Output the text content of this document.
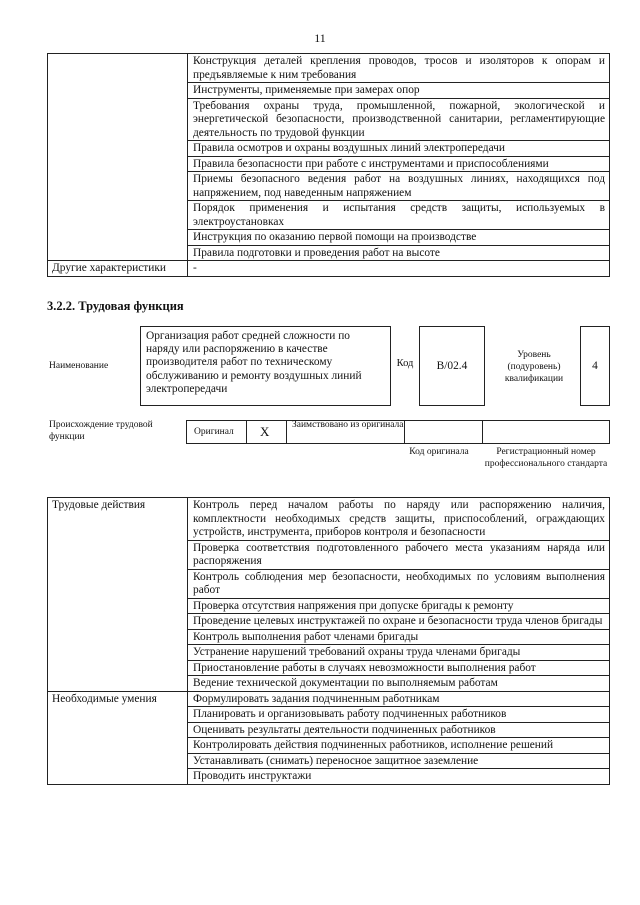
11
	Конструкция деталей крепления проводов, тросов и изоляторов к опорам и предъявляемые к ним требования
	Инструменты, применяемые при замерах опор
	Требования охраны труда, промышленной, пожарной, экологической и энергетической безопасности, производственной санитарии, регламентирующие деятельность по трудовой функции
	Правила осмотров и охраны воздушных линий электропередачи
	Правила безопасности при работе с инструментами и приспособлениями
	Приемы безопасного ведения работ на воздушных линиях, находящихся под напряжением, под наведенным напряжением
	Порядок применения и испытания средств защиты, используемых в электроустановках
	Инструкция по оказанию первой помощи на производстве
	Правила подготовки и проведения работ на высоте
Другие характеристики	-
3.2.2. Трудовая функция
Наименование
Организация работ средней сложности по наряду или распоряжению в качестве производителя работ по техническому обслуживанию и ремонту воздушных линий электропередачи
Код	В/02.4
Уровень (подуровень) квалификации
4
Происхождение трудовой функции	Оригинал X Заимствовано из оригинала
Код оригинала	Регистрационный номер профессионального стандарта
Трудовые действия	Контроль перед началом работы по наряду или распоряжению наличия, комплектности необходимых средств защиты, приспособлений, ограждающих устройств, инструмента, приборов контроля и безопасности
	Проверка соответствия подготовленного рабочего места указаниям наряда или распоряжения
	Контроль соблюдения мер безопасности, необходимых по условиям выполнения работ
	Проверка отсутствия напряжения при допуске бригады к ремонту
	Проведение целевых инструктажей по охране и безопасности труда членов бригады
	Контроль выполнения работ членами бригады
	Устранение нарушений требований охраны труда членами бригады
	Приостановление работы в случаях невозможности выполнения работ
	Ведение технической документации по выполняемым работам
Необходимые умения	Формулировать задания подчиненным работникам
	Планировать и организовывать работу подчиненных работников
	Оценивать результаты деятельности подчиненных работников
	Контролировать действия подчиненных работников, исполнение решений
	Устанавливать (снимать) переносное защитное заземление
	Проводить инструктажи
